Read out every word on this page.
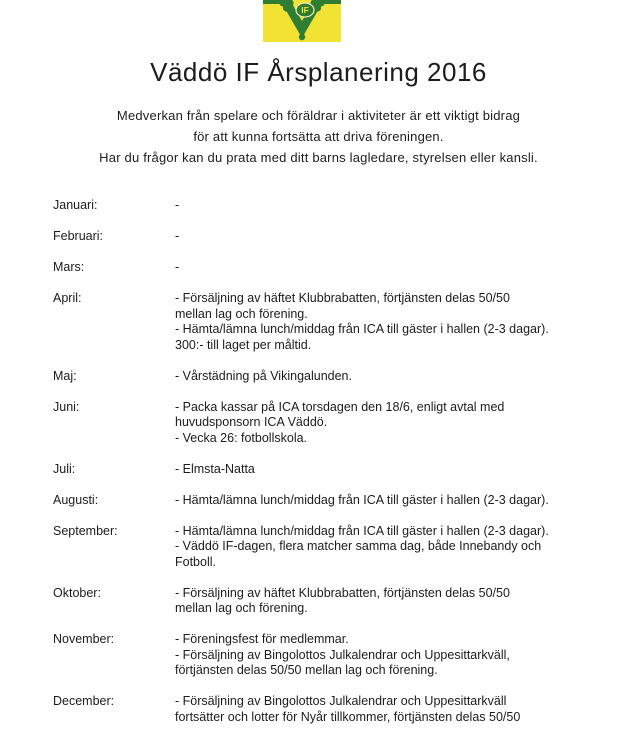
IF
Väddö IF Årsplanering 2016
Medverkan från spelare och föräldrar i aktiviteter är ett viktigt bidrag
för att kunna fortsätta att driva föreningen.
Har du frågor kan du prata med ditt barns lagledare, styrelsen eller kansli.
Januari:	-
Februari:	-
Mars:	-
April:	- Försäljning av häftet Klubbrabatten, förtjänsten delas 50/50
mellan lag och förening.
- Hämta/lämna lunch/middag från ICA till gäster i hallen (2-3 dagar).
300:- till laget per måltid.
Maj:	- Vårstädning på Vikingalunden.
Juni:	- Packa kassar på ICA torsdagen den 18/6, enligt avtal med
huvudsponsorn ICA Väddö.
- Vecka 26: fotbollskola.
Juli:	- Elmsta-Natta
Augusti:	- Hämta/lämna lunch/middag från ICA till gäster i hallen (2-3 dagar).
September:	- Hämta/lämna lunch/middag från ICA till gäster i hallen (2-3 dagar).
- Väddö IF-dagen, flera matcher samma dag, både Innebandy och
Fotboll.
Oktober:	- Försäljning av häftet Klubbrabatten, förtjänsten delas 50/50
mellan lag och förening.
November:	- Föreningsfest för medlemmar.
- Försäljning av Bingolottos Julkalendrar och Uppesittarkväll,
förtjänsten delas 50/50 mellan lag och förening.
December:	- Försäljning av Bingolottos Julkalendrar och Uppesittarkväll
fortsätter och lotter för Nyår tillkommer, förtjänsten delas 50/50
